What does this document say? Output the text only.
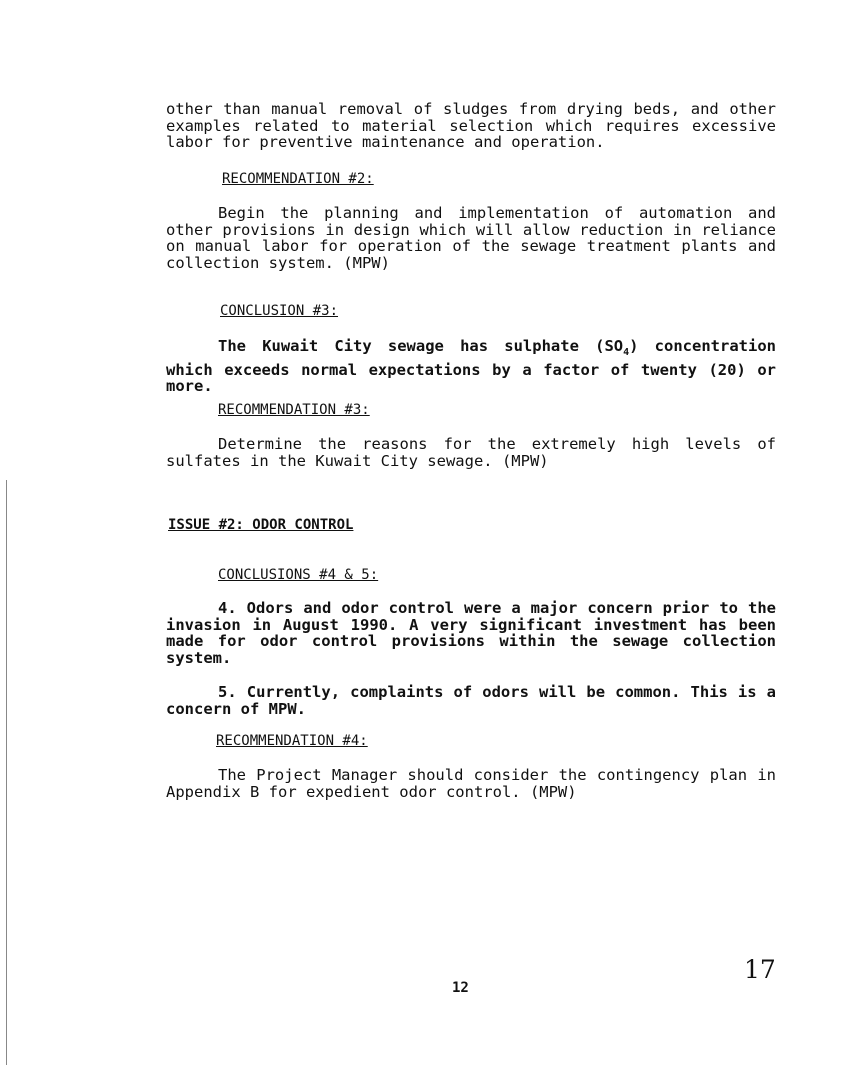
other than manual removal of sludges from drying beds, and other examples related to material selection which requires excessive labor for preventive maintenance and operation.
RECOMMENDATION #2:
Begin the planning and implementation of automation and other provisions in design which will allow reduction in reliance on manual labor for operation of the sewage treatment plants and collection system. (MPW)
CONCLUSION #3:
The Kuwait City sewage has sulphate $(SO_4)$ concentration which exceeds normal expectations by a factor of twenty (20) or more.
RECOMMENDATION #3:
Determine the reasons for the extremely high levels of sulfates in the Kuwait City sewage. (MPW)
ISSUE #2: ODOR CONTROL
CONCLUSIONS #4 & 5:
4. Odors and odor control were a major concern prior to the invasion in August 1990. A very significant investment has been made for odor control provisions within the sewage collection system.
5. Currently, complaints of odors will be common. This is a concern of MPW.
RECOMMENDATION #4:
The Project Manager should consider the contingency plan in Appendix B for expedient odor control. (MPW)
12
17
